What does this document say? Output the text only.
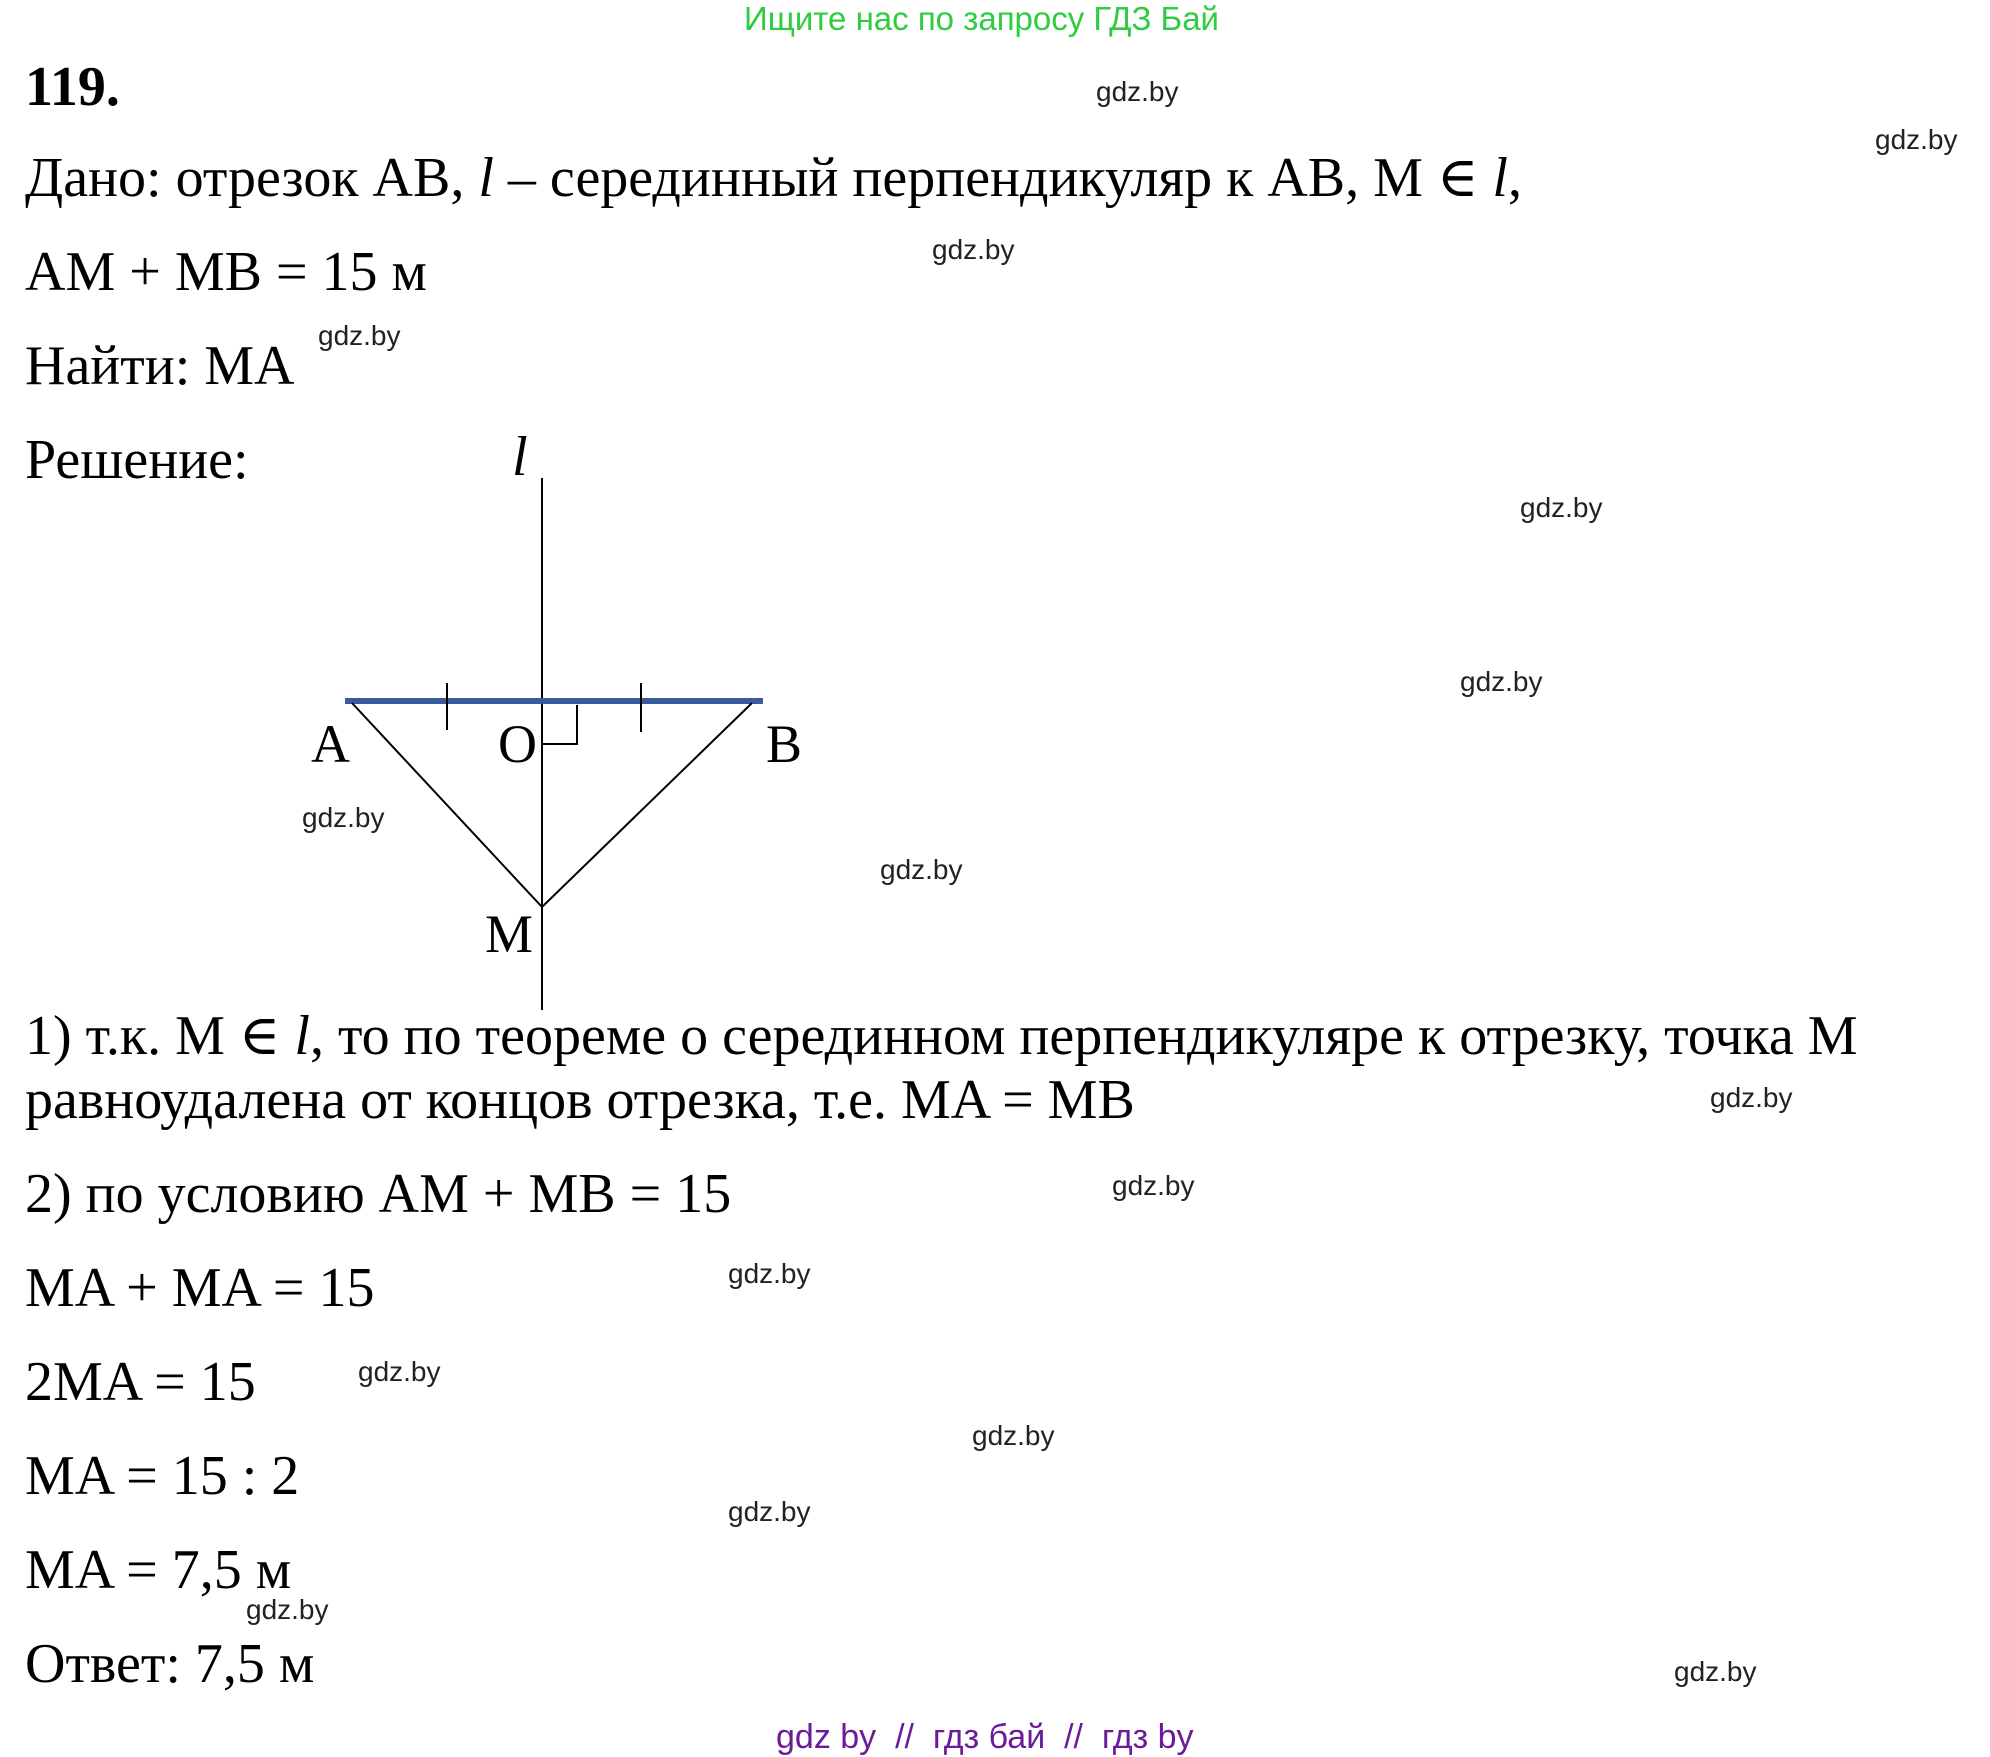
Ищите нас по запросу ГДЗ Бай
119.
Дано: отрезок AB, l – серединный перпендикуляр к AB, M ∈ l,
AM + MB = 15 м
Найти: MA
Решение:	l
A	O	B
M
1) т.к. M ∈ l, то по теореме о серединном перпендикуляре к отрезку, точка M
равноудалена от концов отрезка, т.е. MA = MB
2) по условию AM + MB = 15
MA + MA = 15
2MA = 15
MA = 15 : 2
MA = 7,5 м
Ответ: 7,5 м
gdz.by
gdz.by
gdz.by
gdz.by
gdz.by
gdz.by
gdz.by
gdz.by
gdz.by
gdz.by
gdz.by
gdz.by
gdz.by
gdz.by
gdz.by
gdz.by
gdz by  //  гдз бай  //  гдз by
